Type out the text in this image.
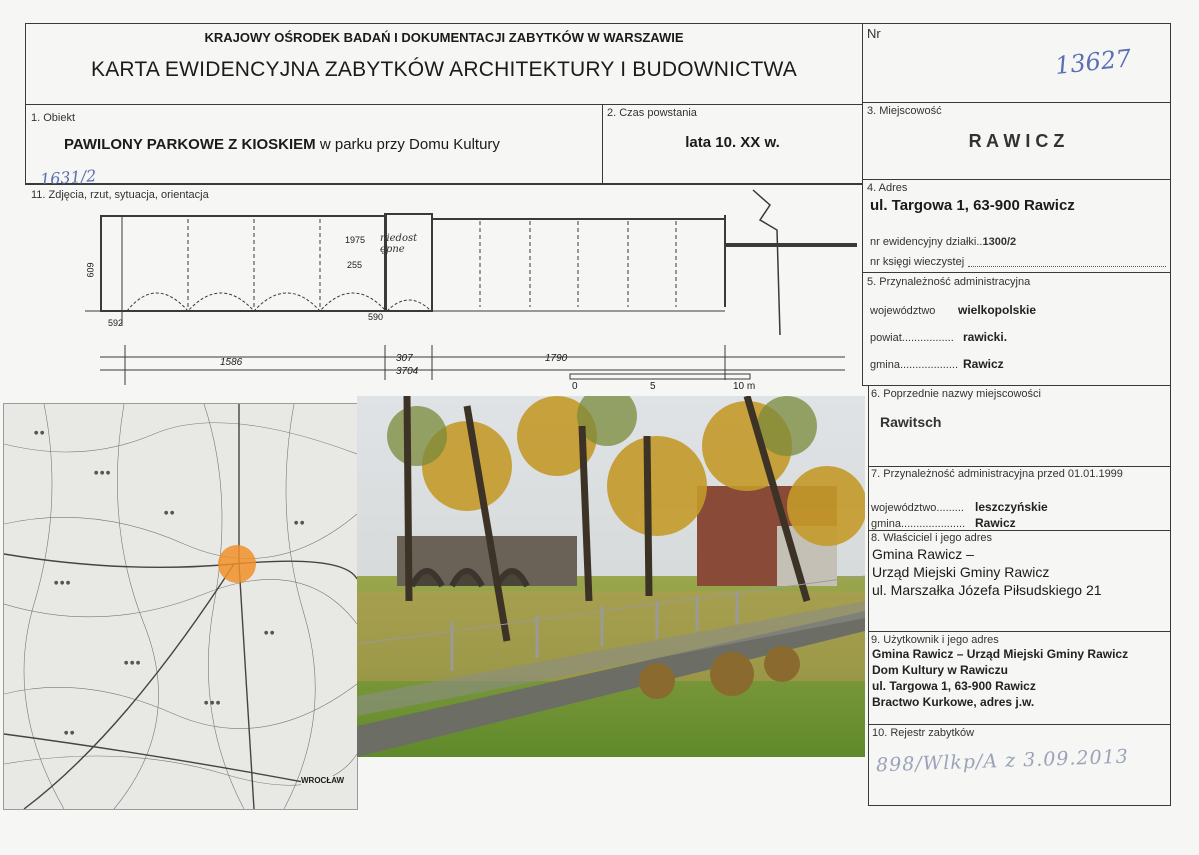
KRAJOWY OŚRODEK BADAŃ I DOKUMENTACJI ZABYTKÓW W WARSZAWIE
KARTA EWIDENCYJNA ZABYTKÓW ARCHITEKTURY I BUDOWNICTWA
Nr
13627
1. Obiekt
PAWILONY PARKOWE Z KIOSKIEM w parku przy Domu Kultury
1631/2
2. Czas powstania
lata 10. XX w.
3. Miejscowość
R A W I C Z
11. Zdjęcia, rzut, sytuacja, orientacja
609	255
1975
590
592
niedostępne
1586	307	1790
3704
0	5	10 m
4. Adres
ul. Targowa 1, 63-900 Rawicz
nr ewidencyjny działki..1300/2
nr księgi wieczystej
5. Przynależność administracyjna
województwo wielkopolskie
powiat................. rawicki.
gmina................... Rawicz
6. Poprzednie nazwy miejscowości
Rawitsch
7. Przynależność administracyjna przed 01.01.1999
województwo......... leszczyńskie
gmina..................... Rawicz
8. Właściciel i jego adres
Gmina Rawicz –
Urząd Miejski Gminy Rawicz
ul. Marszałka Józefa Piłsudskiego 21
9. Użytkownik i jego adres
Gmina Rawicz – Urząd Miejski Gminy Rawicz
Dom Kultury w Rawiczu
ul. Targowa 1, 63-900 Rawicz
Bractwo Kurkowe, adres j.w.
10. Rejestr zabytków
898/Wlkp/A z 3.09.2013
● ●
● ● ●
● ●
● ● ●
● ●
● ● ●
● ●
● ● ●
● ●
WROCŁAW
